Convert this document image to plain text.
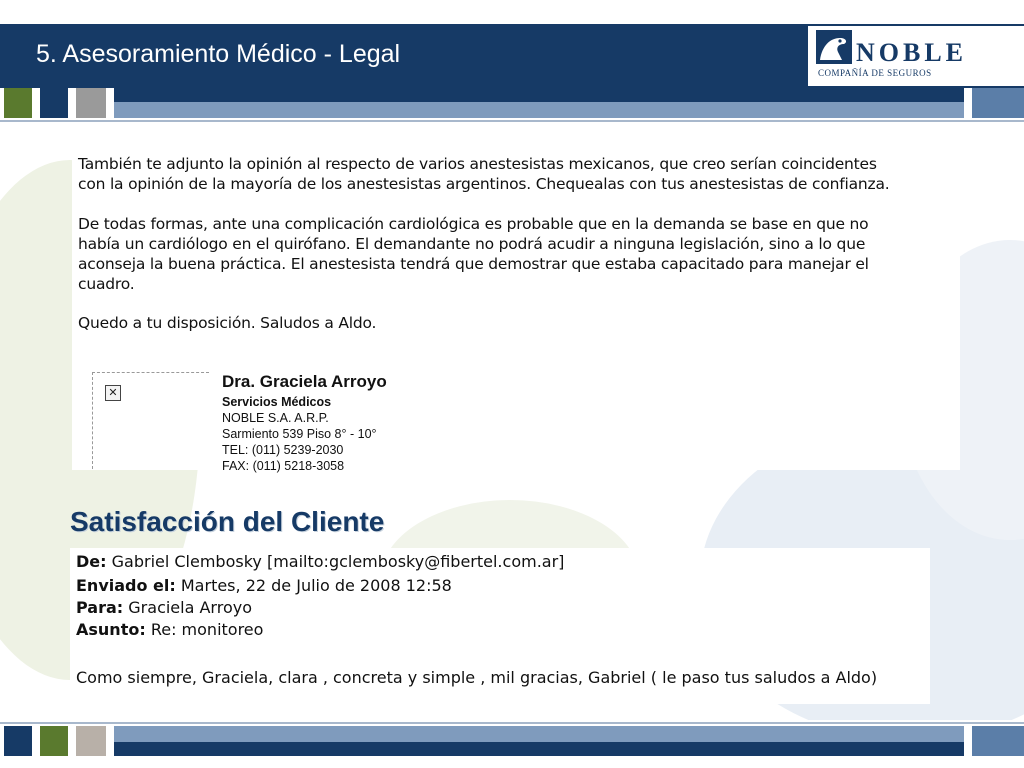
5. Asesoramiento Médico - Legal	NOBLE
COMPAÑÍA DE SEGUROS

También te adjunto la opinión al respecto de varios anestesistas mexicanos, que creo serían coincidentes

con la opinión de la mayoría de los anestesistas argentinos. Chequealas con tus anestesistas de confianza.

De todas formas, ante una complicación cardiológica es probable que en la demanda se base en que no

había un cardiólogo en el quirófano. El demandante no podrá acudir a ninguna legislación, sino a lo que

aconseja la buena práctica. El anestesista tendrá que demostrar que estaba capacitado para manejar el

cuadro.

Quedo a tu disposición. Saludos a Aldo.

✕
Dra. Graciela Arroyo
Servicios Médicos
NOBLE S.A. A.R.P.
Sarmiento 539 Piso 8° - 10°
TEL: (011) 5239-2030
FAX: (011) 5218-3058
Satisfacción del Cliente
De: Gabriel Clembosky [mailto:gclembosky@fibertel.com.ar]
Enviado el: Martes, 22 de Julio de 2008 12:58
Para: Graciela Arroyo
Asunto: Re: monitoreo
Como siempre, Graciela, clara , concreta y simple , mil gracias, Gabriel ( le paso tus saludos a Aldo)
